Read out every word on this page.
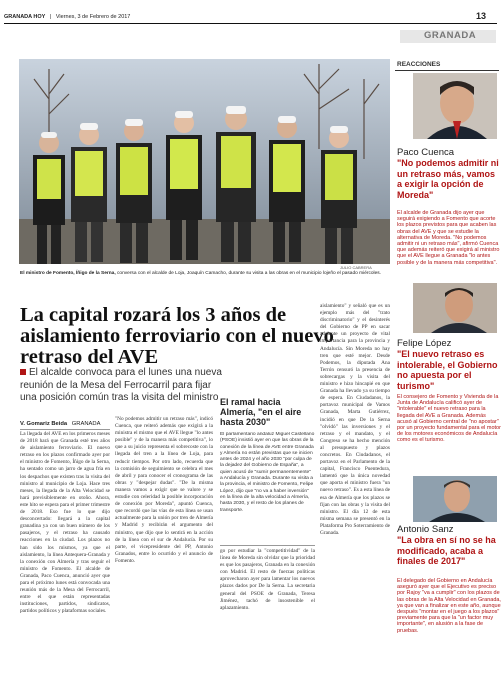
GRANADA HOY | Viernes, 3 de Febrero de 2017	13
GRANADA
JULIO CABRERA
El ministro de Fomento, Íñigo de la Serna, conversa con el alcalde de Loja, Joaquín Camacho, durante su visita a las obras en el municipio lojeño el pasado miércoles.
La capital rozará los 3 años de aislamiento ferroviario con el nuevo retraso del AVE
El alcalde convoca para el lunes una nueva reunión de la Mesa del Ferrocarril para fijar una posición común tras la visita del ministro
V. Gomariz Beida GRANADA
La llegada del AVE en los primeros meses de 2018 hará que Granada esté tres años de aislamiento ferroviario. El nuevo retraso en los plazos confirmado ayer por el ministro de Fomento, Íñigo de la Serna, ha sentado como un jarro de agua fría en los despachos que existen tras la visita del ministro al municipio de Loja. Hace tres meses, la llegada de la Alta Velocidad se hará previsiblemente en otoño. Ahora, este hito se espera para el primer trimestre de 2018. Eso fue lo que dijo desconcertado: llegará a la capital granadina ya con un buen número de los pasajeros, y el retraso ha causado reacciones en la ciudad. Los plazos no han sido los mismos, ya que el aislamiento, la línea Antequera-Granada y la conexión con Almería y tras seguir el ministro de Fomento. El alcalde de Granada, Paco Cuenca, anunció ayer que para el próximo lunes está convocada una reunión más de la Mesa del Ferrocarril, entre el que están representadas instituciones, partidos, sindicatos, partidos políticos y plataformas sociales.
"No podemos admitir un retraso más", indicó Cuenca, que reiteró además que exigirá a la ministra el mismo que el AVE llegue "lo antes posible" y de la manera más competitiva", lo que a su juicio representa el sobrecoste con la llegada del tren a la línea de Loja, para reducir tiempos. Por otro lado, recuerda que la comisión de seguimiento se celebra el mes de abril y para conocer el cronograma de las obras y "despejar dudas". "De la misma manera vamos a exigir que se valore y se estudie con celeridad la posible incorporación de conexión por Moreda", apuntó Cuenca, que recordó que las vías de esta línea se usan actualmente para la unión por tren de Almería y Madrid y recibirán el argumento del ministro, que dijo que lo sentirá en la acción de la línea con el sur de Andalucía. Por su parte, el vicepresidente del PP, Antonio Granados, entre lo ocurrido y el anuncio de Fomento.
El ramal hacia Almería, "en el aire hasta 2030"
El parlamentario andaluz Miguel Castellano (PSOE) insistió ayer en que las obras de la conexión de la línea de AVE entre Granada y Almería no están previstas que se inicien antes de 2024 y el año 2030 "por culpa de la dejadez del Gobierno de España", a quien acusó de "sumir permanentemente" a Andalucía y Granada. Durante su visita a la provincia, el ministro de Fomento, Felipe López, dijo que "no va a haber inversión" en la línea de la alta velocidad a Almería, hasta 2030, y el resto de los planes de transporte.
go por estudiar la "competitividad" de la línea de Moreda sin olvidar que la prioridad es que los pasajeros, Granada en la conexión con Madrid. El resto de fuerzas políticas aprovecharon ayer para lamentar los nuevos plazos dados por De la Serna. La secretaria general del PSOE de Granada, Teresa Jiménez, tachó de insostenible el aplazamiento.
aislamiento" y señaló que es un ejemplo más del "trato discriminatorio" y el desinterés del Gobierno de PP en sacar adelante un proyecto de vital importancia para la provincia y Andalucía. Sin Moreda no hay tren que esté mejor. Desde Podemos, la diputada Ana Terrón censuró la presencia de sobrecargas y la visita del ministro e hizo hincapié en que Granada ha llevado ya su tiempo de espera. En Ciudadanos, la portavoz municipal de Vamos Granada, Marta Gutiérrez, incidió en que De la Serna "olvidó" las inversiones y el retraso y el mandato, y el Congreso se ha hecho mención al presupuesto y plazos concretos. En Ciudadanos, el portavoz en el Parlamento de la capital, Francisco Puentedura, lamentó que la única novedad que aporta el ministro fuera "un nuevo retraso". Es a esta línea de esa de Almería que los plazos se fijan con las obras y la visita del ministro. El día 12 de esta misma semana se presentó en la Plataforma Pro Soterramiento de Granada.
REACCIONES
Paco Cuenca
"No podemos admitir ni un retraso más, vamos a exigir la opción de Moreda"
El alcalde de Granada dijo ayer que seguirá exigiendo a Fomento que acorte los plazos previstos para que acaben las obras del AVE y que se estudie la alternativa de Moreda. "No podemos admitir ni un retraso más", afirmó Cuenca que además reiteró que exigirá al ministro que el AVE llegue a Granada "lo antes posible y de la manera más competitiva".
Felipe López
"El nuevo retraso es intolerable, el Gobierno no apuesta por el turismo"
El consejero de Fomento y Vivienda de la Junta de Andalucía calificó ayer de "intolerable" el nuevo retraso para la llegada del AVE a Granada. Además acusó al Gobierno central de "no apostar" por un proyecto fundamental para el motor de los motores económicos de Andalucía como es el turismo.
Antonio Sanz
"La obra en sí no se ha modificado, acaba a finales de 2017"
El delegado del Gobierno en Andalucía aseguró ayer que el Ejecutivo es preciso por Rajoy "va a cumplir" con los plazos de las obras de la Alta Velocidad en Granada, ya que van a finalizar en este año, aunque después "montar en el juego a los plazos" previamente para que la "un factor muy importante", en alusión a la fase de pruebas.
